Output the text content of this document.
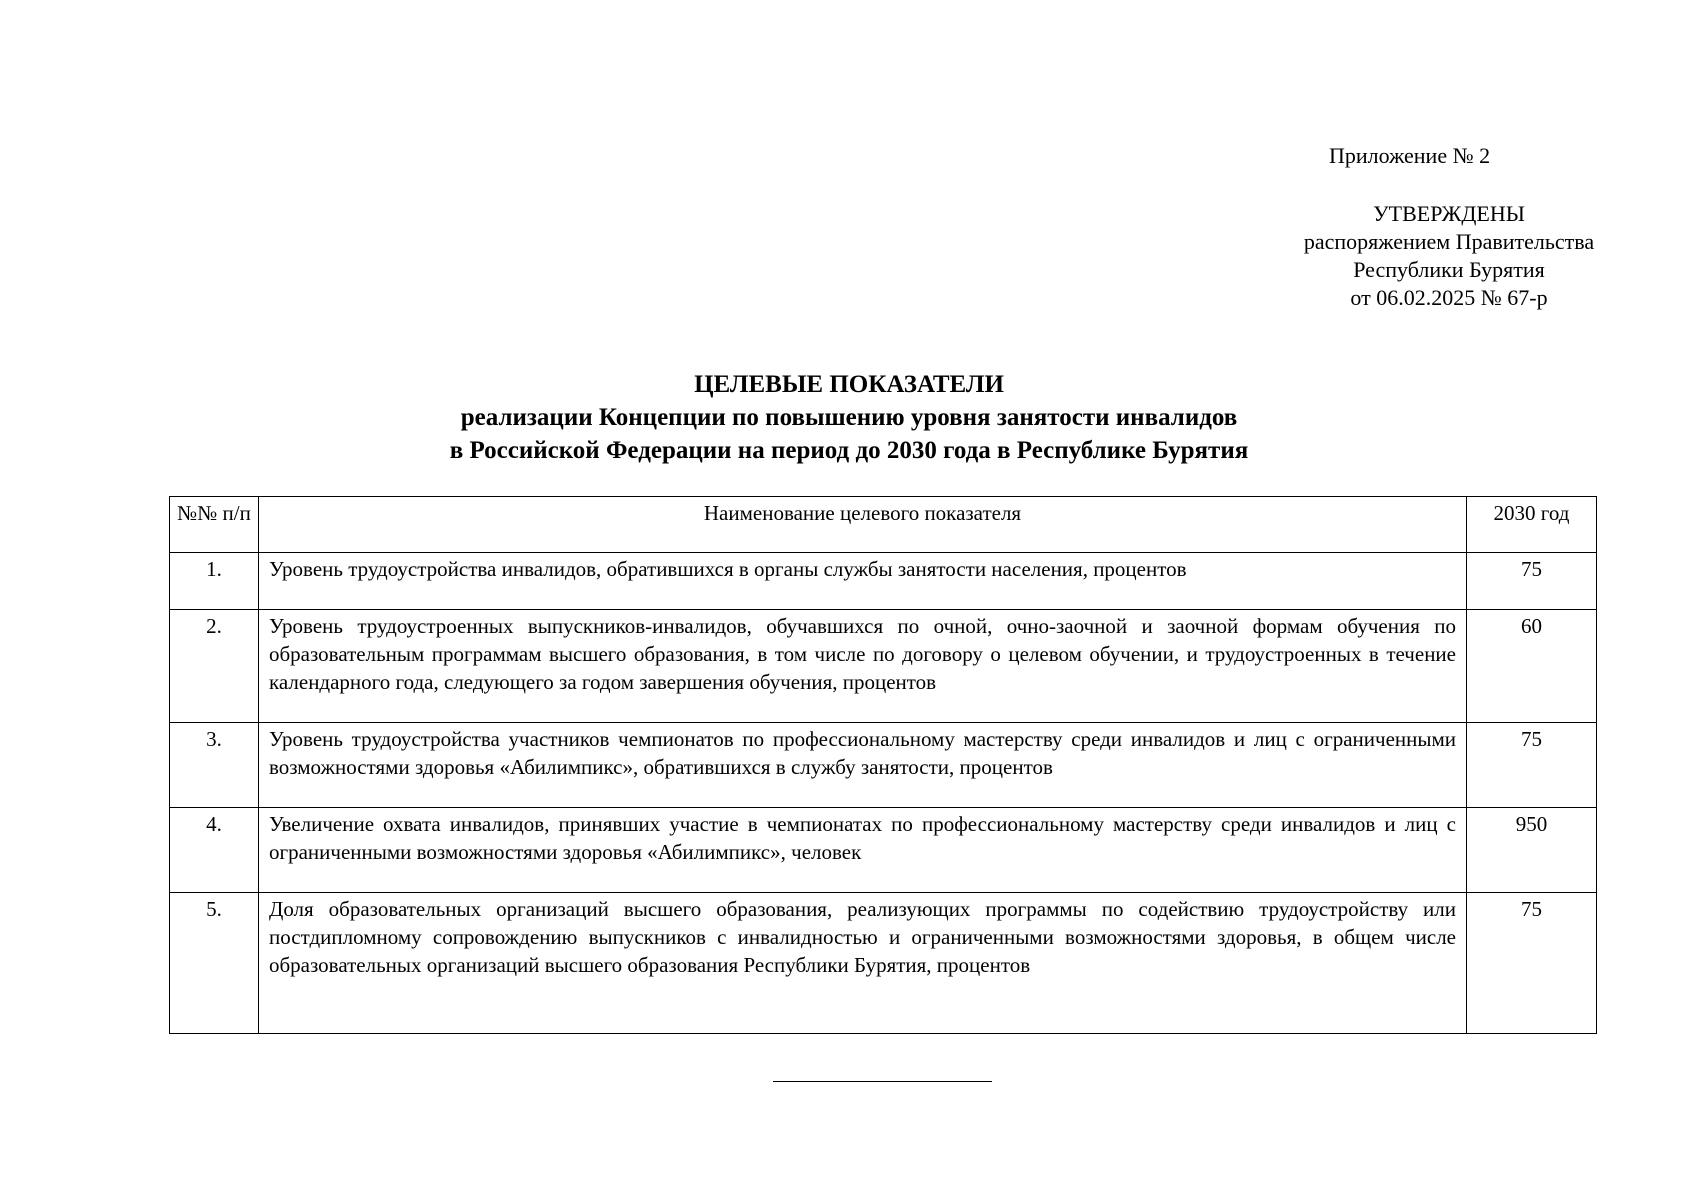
Приложение № 2
УТВЕРЖДЕНЫ
распоряжением Правительства
Республики Бурятия
от 06.02.2025 № 67-р
ЦЕЛЕВЫЕ ПОКАЗАТЕЛИ
реализации Концепции по повышению уровня занятости инвалидов
в Российской Федерации на период до 2030 года в Республике Бурятия
№№ п/п	Наименование целевого показателя	2030 год
1.	Уровень трудоустройства инвалидов, обратившихся в органы службы занятости населения, процентов	75
2.	Уровень трудоустроенных выпускников-инвалидов, обучавшихся по очной, очно-заочной и заочной формам обучения по образовательным программам высшего образования, в том числе по договору о целевом обучении, и трудоустроенных в течение календарного года, следующего за годом завершения обучения, процентов	60
3.	Уровень трудоустройства участников чемпионатов по профессиональному мастерству среди инвалидов и лиц с ограниченными возможностями здоровья «Абилимпикс», обратившихся в службу занятости, процентов	75
4.	Увеличение охвата инвалидов, принявших участие в чемпионатах по профессиональному мастерству среди инвалидов и лиц с ограниченными возможностями здоровья «Абилимпикс», человек	950
5.	Доля образовательных организаций высшего образования, реализующих программы по содействию трудоустройству или постдипломному сопровождению выпускников с инвалидностью и ограниченными возможностями здоровья, в общем числе образовательных организаций высшего образования Республики Бурятия, процентов	75
